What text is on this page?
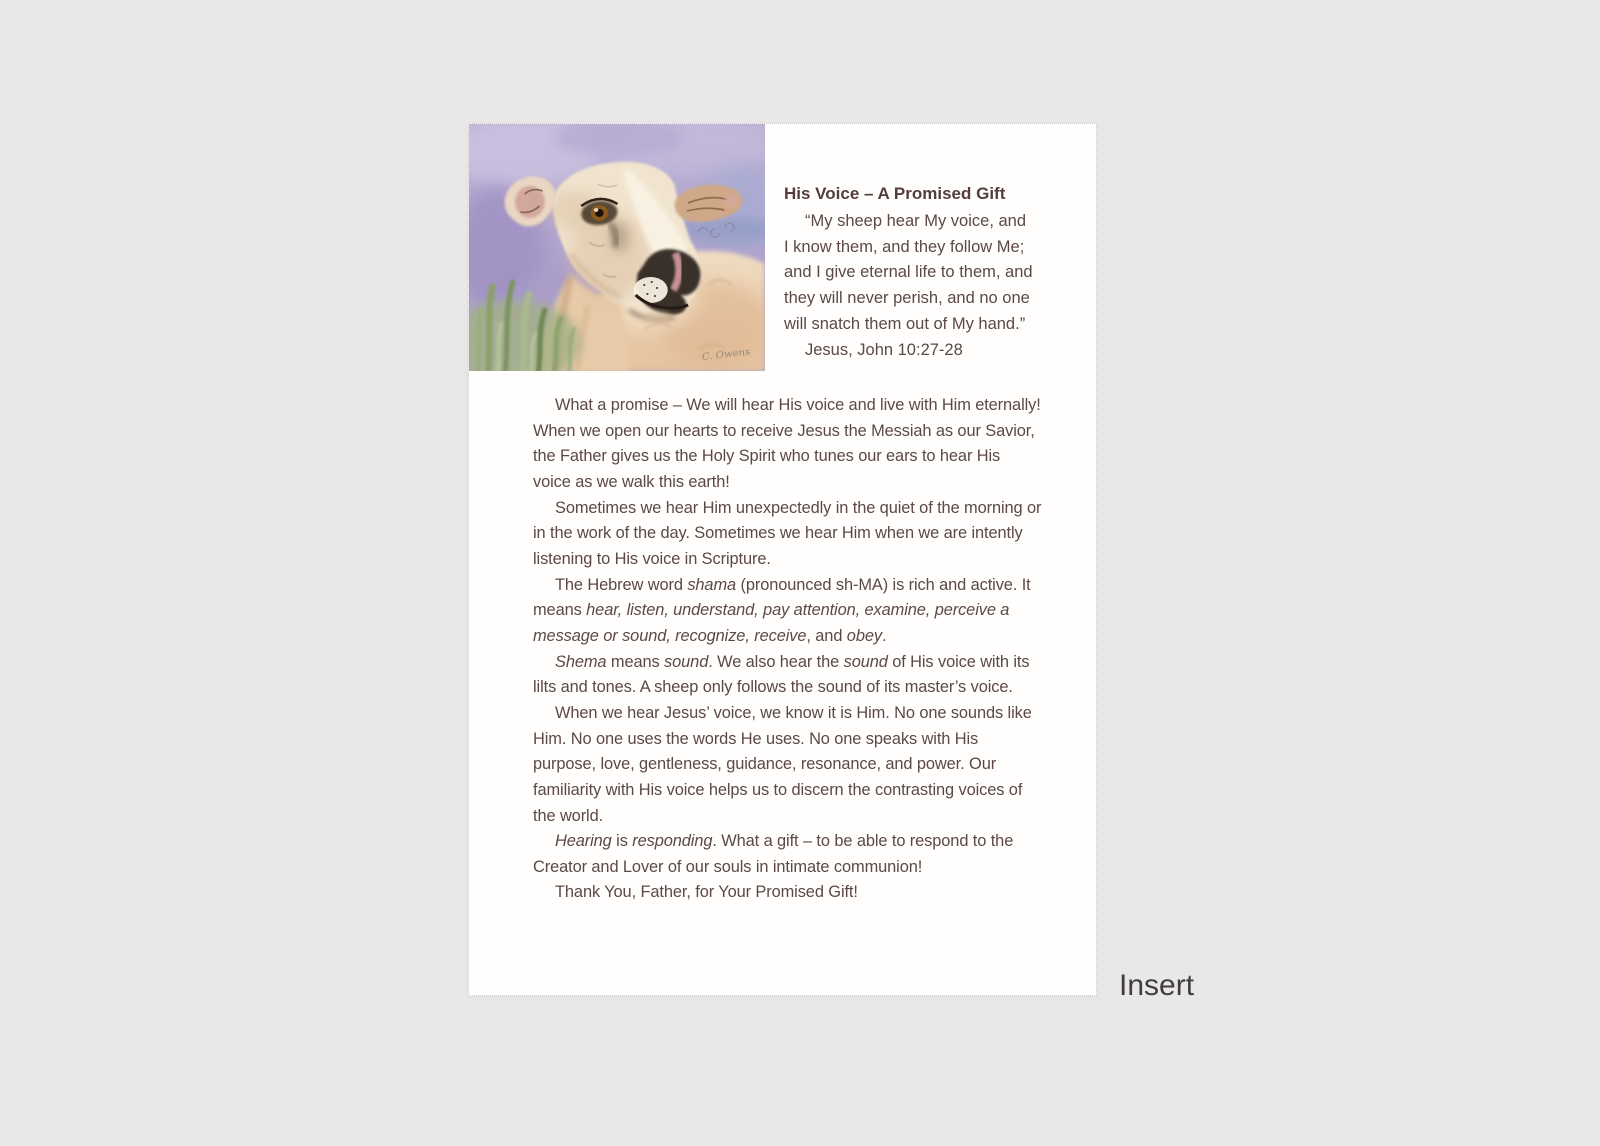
C. Owens
His Voice – A Promised Gift
“My sheep hear My voice, and
I know them, and they follow Me;
and I give eternal life to them, and
they will never perish, and no one
will snatch them out of My hand.”
Jesus, John 10:27-28

What a promise – We will hear His voice and live with Him eternally! When we open our hearts to receive Jesus the Messiah as our Savior, the Father gives us the Holy Spirit who tunes our ears to hear His voice as we walk this earth!

Sometimes we hear Him unexpectedly in the quiet of the morning or in the work of the day. Sometimes we hear Him when we are intently listening to His voice in Scripture.

The Hebrew word shama (pronounced sh-MA) is rich and active. It means hear, listen, understand, pay attention, examine, perceive a message or sound, recognize, receive, and obey.

Shema means sound. We also hear the sound of His voice with its lilts and tones. A sheep only follows the sound of its master’s voice.

When we hear Jesus’ voice, we know it is Him. No one sounds like Him. No one uses the words He uses. No one speaks with His purpose, love, gentleness, guidance, resonance, and power. Our familiarity with His voice helps us to discern the contrasting voices of the world.

Hearing is responding. What a gift – to be able to respond to the Creator and Lover of our souls in intimate communion!

Thank You, Father, for Your Promised Gift!

Insert
